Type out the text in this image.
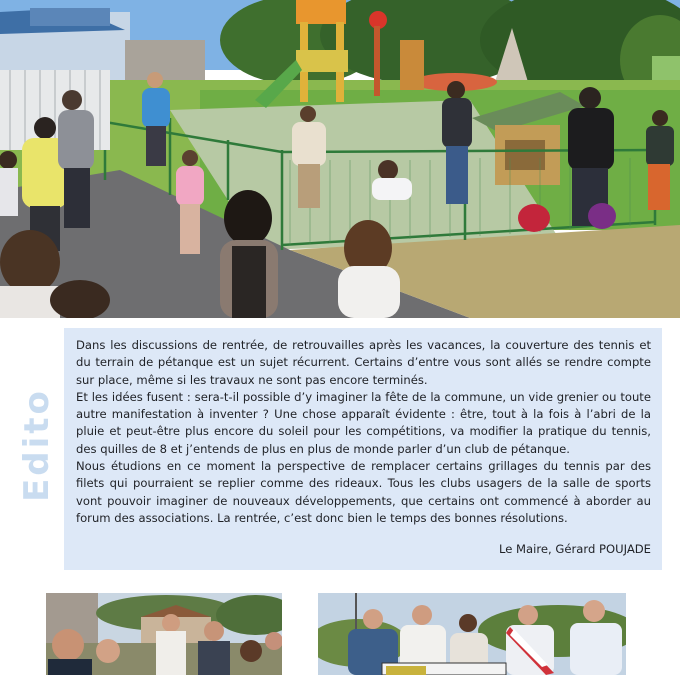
Edito

Dans les discussions de rentrée, de retrouvailles après les vacances, la couverture des tennis et du terrain de pétanque est un sujet récurrent. Certains d’entre vous sont allés se rendre compte sur place, même si les travaux ne sont pas encore terminés.

Et les idées fusent : sera-t-il possible d’y imaginer la fête de la commune, un vide grenier ou toute autre manifestation à inventer ? Une chose apparaît évidente : être, tout à la fois à l’abri de la pluie et peut-être plus encore du soleil pour les compétitions, va modifier la pratique du tennis, des quilles de 8 et j’entends de plus en plus de monde parler d’un club de pétanque.

Nous étudions en ce moment la perspective de remplacer certains grillages du tennis par des filets qui pourraient se replier comme des rideaux. Tous les clubs usagers de la salle de sports vont pouvoir imaginer de nouveaux développements, que certains ont commencé à aborder au forum des associations. La rentrée, c’est donc bien le temps des bonnes résolutions.

Le Maire, Gérard POUJADE
